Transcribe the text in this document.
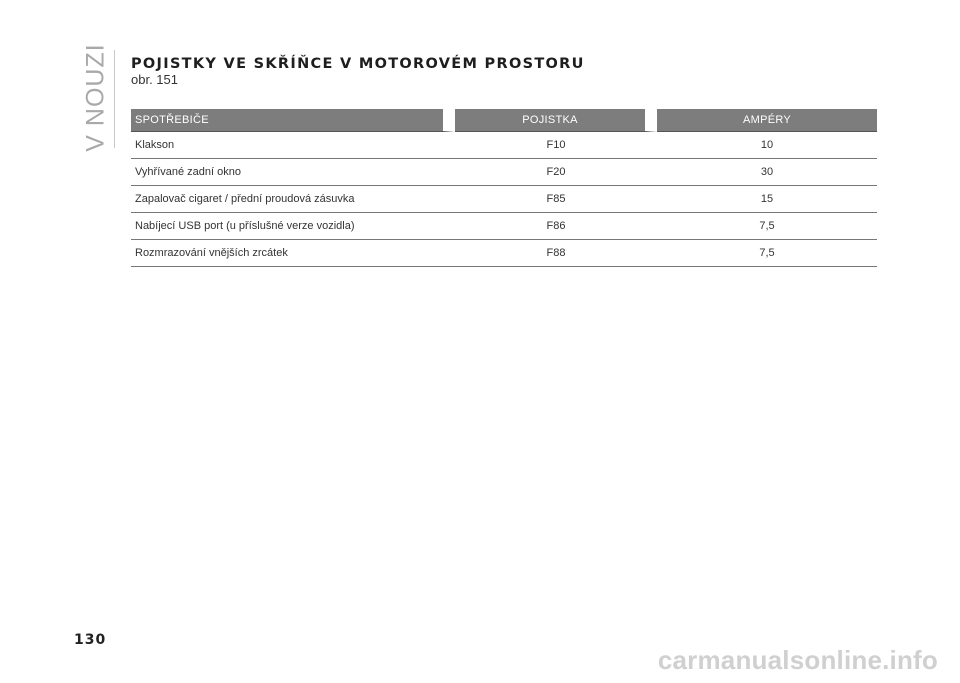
V NOUZI POJISTKY VE SKŘÍŇCE V MOTOROVÉM PROSTORU

obr. 151

SPOTŘEBIČE	POJISTKA	AMPÉRY
Klakson	F10	10
Vyhřívané zadní okno	F20	30
Zapalovač cigaret / přední proudová zásuvka	F85	15
Nabíjecí USB port (u příslušné verze vozidla)	F86	7,5
Rozmrazování vnějších zrcátek	F88	7,5

130

carmanualsonline.info
